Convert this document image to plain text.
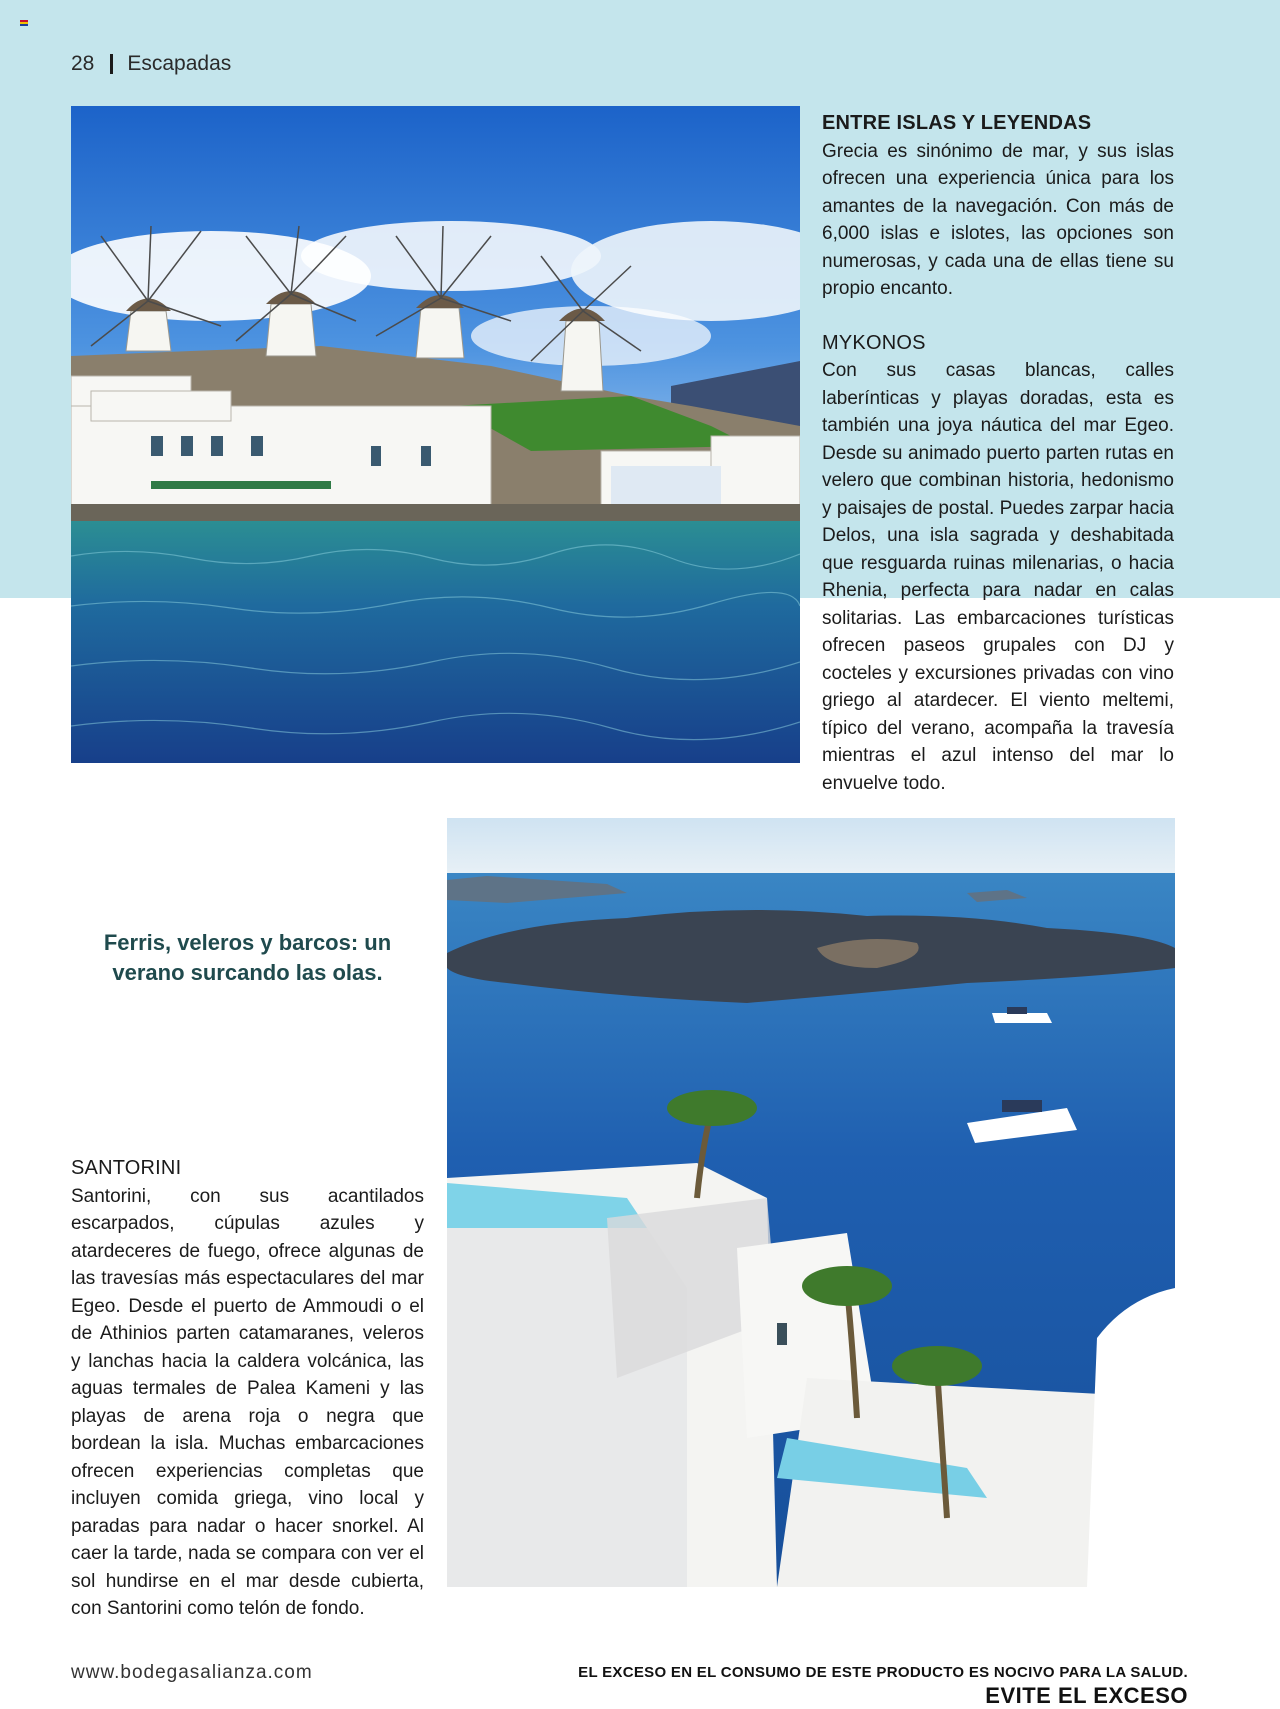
28 Escapadas
ENTRE ISLAS Y LEYENDAS

Grecia es sinónimo de mar, y sus islas ofrecen una experiencia única para los amantes de la navegación. Con más de 6,000 islas e islotes, las opciones son numerosas, y cada una de ellas tiene su propio encanto.

MYKONOS

Con sus casas blancas, calles laberínticas y playas doradas, esta es también una joya náutica del mar Egeo. Desde su animado puerto parten rutas en velero que combinan historia, hedonismo y paisajes de postal. Puedes zarpar hacia Delos, una isla sagrada y deshabitada que resguarda ruinas milenarias, o hacia Rhenia, perfecta para nadar en calas solitarias. Las embarcaciones turísticas ofrecen paseos grupales con DJ y cocteles y excursiones privadas con vino griego al atardecer. El viento meltemi, típico del verano, acompaña la travesía mientras el azul intenso del mar lo envuelve todo.

Ferris, veleros y barcos: un verano surcando las olas.
SANTORINI

Santorini, con sus acantilados escarpados, cúpulas azules y atardeceres de fuego, ofrece algunas de las travesías más espectaculares del mar Egeo. Desde el puerto de Ammoudi o el de Athinios parten catamaranes, veleros y lanchas hacia la caldera volcánica, las aguas termales de Palea Kameni y las playas de arena roja o negra que bordean la isla. Muchas embarcaciones ofrecen experiencias completas que incluyen comida griega, vino local y paradas para nadar o hacer snorkel. Al caer la tarde, nada se compara con ver el sol hundirse en el mar desde cubierta, con Santorini como telón de fondo.

www.bodegasalianza.com	EL EXCESO EN EL CONSUMO DE ESTE PRODUCTO ES NOCIVO PARA LA SALUD.
EVITE EL EXCESO
